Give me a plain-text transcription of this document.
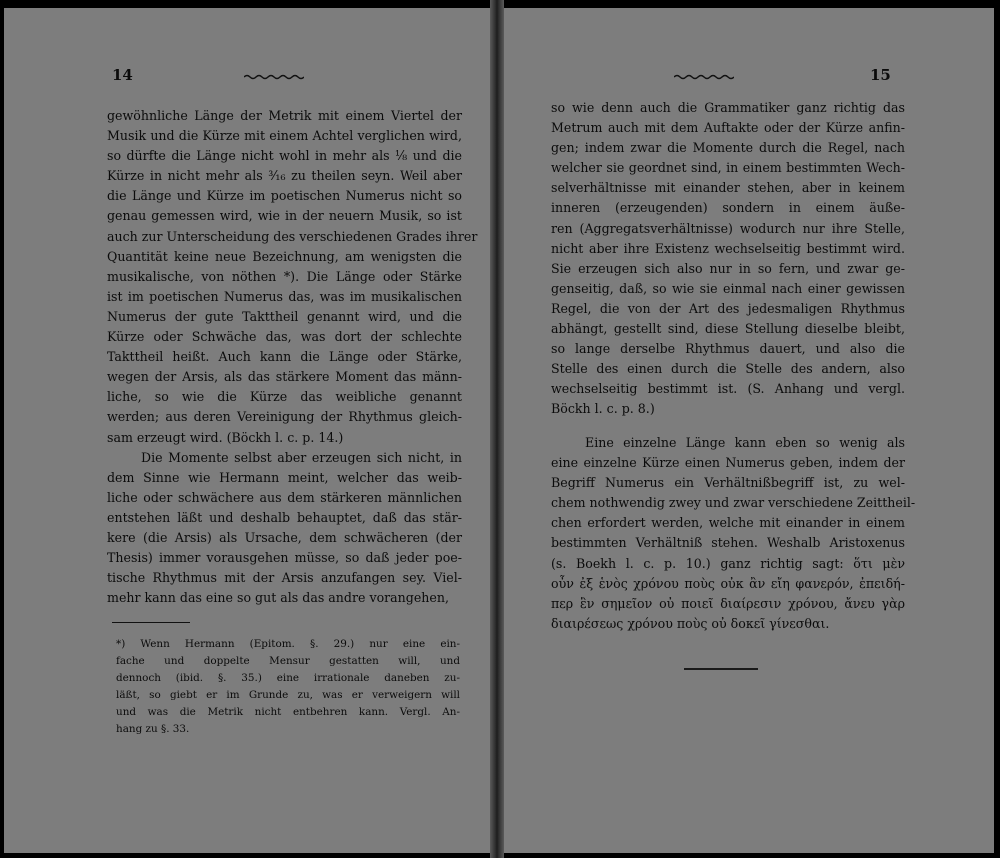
14
gewöhnliche Länge der Metrik mit einem Viertel der
Musik und die Kürze mit einem Achtel verglichen wird,
so dürfte die Länge nicht wohl in mehr als ⅛ und die
Kürze in nicht mehr als ³⁄₁₆ zu theilen seyn. Weil aber
die Länge und Kürze im poetischen Numerus nicht so
genau gemessen wird, wie in der neuern Musik, so ist
auch zur Unterscheidung des verschiedenen Grades ihrer
Quantität keine neue Bezeichnung, am wenigsten die
musikalische, von nöthen *). Die Länge oder Stärke
ist im poetischen Numerus das, was im musikalischen
Numerus der gute Takttheil genannt wird, und die
Kürze oder Schwäche das, was dort der schlechte
Takttheil heißt. Auch kann die Länge oder Stärke,
wegen der Arsis, als das stärkere Moment das männ-
liche, so wie die Kürze das weibliche genannt
werden; aus deren Vereinigung der Rhythmus gleich-
sam erzeugt wird. (Böckh l. c. p. 14.)
Die Momente selbst aber erzeugen sich nicht, in
dem Sinne wie Hermann meint, welcher das weib-
liche oder schwächere aus dem stärkeren männlichen
entstehen läßt und deshalb behauptet, daß das stär-
kere (die Arsis) als Ursache, dem schwächeren (der
Thesis) immer vorausgehen müsse, so daß jeder poe-
tische Rhythmus mit der Arsis anzufangen sey. Viel-
mehr kann das eine so gut als das andre vorangehen,
*) Wenn Hermann (Epitom. §. 29.) nur eine ein-
fache und doppelte Mensur gestatten will, und
dennoch (ibid. §. 35.) eine irrationale daneben zu-
läßt, so giebt er im Grunde zu, was er verweigern will
und was die Metrik nicht entbehren kann. Vergl. An-
hang zu §. 33.
15
so wie denn auch die Grammatiker ganz richtig das
Metrum auch mit dem Auftakte oder der Kürze anfin-
gen; indem zwar die Momente durch die Regel, nach
welcher sie geordnet sind, in einem bestimmten Wech-
selverhältnisse mit einander stehen, aber in keinem
inneren (erzeugenden) sondern in einem äuße-
ren (Aggregatsverhältnisse) wodurch nur ihre Stelle,
nicht aber ihre Existenz wechselseitig bestimmt wird.
Sie erzeugen sich also nur in so fern, und zwar ge-
genseitig, daß, so wie sie einmal nach einer gewissen
Regel, die von der Art des jedesmaligen Rhythmus
abhängt, gestellt sind, diese Stellung dieselbe bleibt,
so lange derselbe Rhythmus dauert, und also die
Stelle des einen durch die Stelle des andern, also
wechselseitig bestimmt ist. (S. Anhang und vergl.
Böckh l. c. p. 8.)
Eine einzelne Länge kann eben so wenig als
eine einzelne Kürze einen Numerus geben, indem der
Begriff Numerus ein Verhältnißbegriff ist, zu wel-
chem nothwendig zwey und zwar verschiedene Zeittheil-
chen erfordert werden, welche mit einander in einem
bestimmten Verhältniß stehen. Weshalb Aristoxenus
(s. Boekh l. c. p. 10.) ganz richtig sagt: ὅτι μὲν
οὖν ἐξ ἑνὸς χρόνου ποὺς οὐκ ἂν εἴη φανερόν, ἐπειδή-
περ ἓν σημεῖον οὐ ποιεῖ διαίρεσιν χρόνου, ἄνευ γὰρ
διαιρέσεως χρόνου ποὺς οὐ δοκεῖ γίνεσθαι.
